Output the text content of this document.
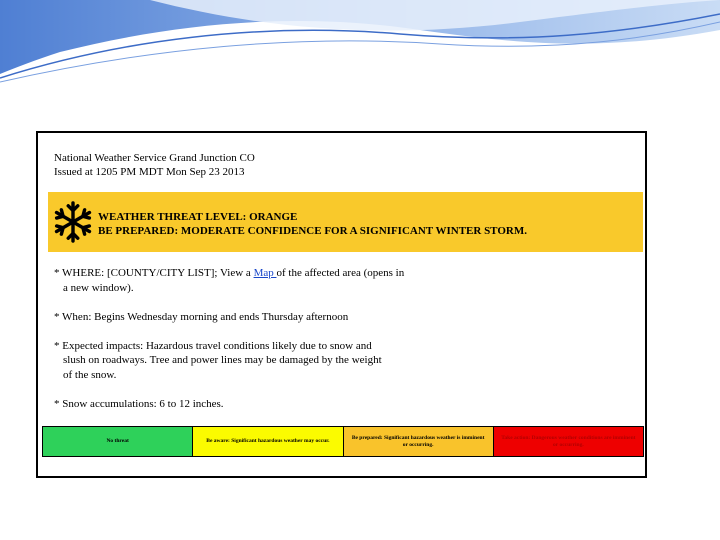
National Weather Service Grand Junction CO
Issued at 1205 PM MDT Mon Sep 23 2013
WEATHER THREAT LEVEL: ORANGE
BE PREPARED: MODERATE CONFIDENCE FOR A SIGNIFICANT WINTER STORM.

* WHERE: [COUNTY/CITY LIST]; View a Map of the affected area (opens in
a new window).

* When: Begins Wednesday morning and ends Thursday afternoon

* Expected impacts: Hazardous travel conditions likely due to snow and
slush on roadways. Tree and power lines may be damaged by the weight
of the snow.

* Snow accumulations: 6 to 12 inches.

No threat	Be aware: Significant hazardous weather may occur.
Be prepared: Significant hazardous weather is imminent or occurring.
Take action: Dangerous weather conditions are imminent or occurring.
